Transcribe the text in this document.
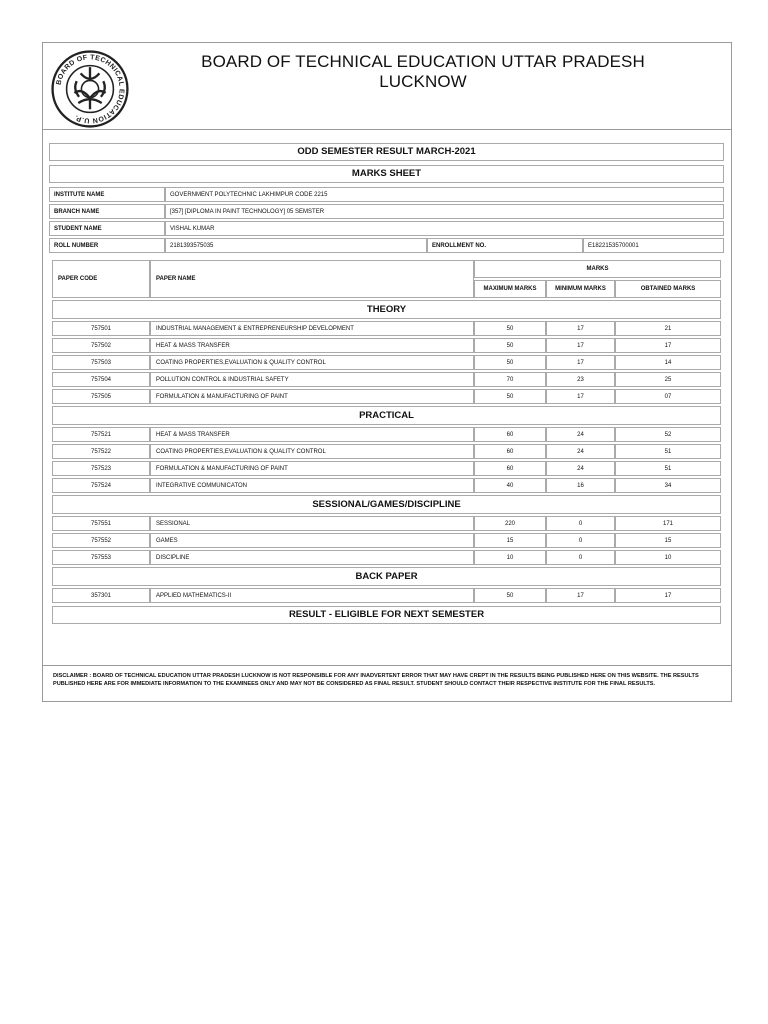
BOARD OF TECHNICAL EDUCATION U.P.
BOARD OF TECHNICAL EDUCATION UTTAR PRADESH
LUCKNOW
ODD SEMESTER RESULT MARCH-2021
MARKS SHEET
INSTITUTE NAME	GOVERNMENT POLYTECHNIC LAKHIMPUR CODE 2215		
BRANCH NAME	[357] [DIPLOMA IN PAINT TECHNOLOGY] 05 SEMSTER		
STUDENT NAME	VISHAL KUMAR		
ROLL NUMBER	2181393575035	ENROLLMENT NO.	E18221535700001
PAPER CODE	PAPER NAME	MARKS		
		MAXIMUM MARKS	MINIMUM MARKS	OBTAINED MARKS
THEORY				
757501	INDUSTRIAL MANAGEMENT & ENTREPRENEURSHIP DEVELOPMENT	50	17	21
757502	HEAT & MASS TRANSFER	50	17	17
757503	COATING PROPERTIES,EVALUATION & QUALITY CONTROL	50	17	14
757504	POLLUTION CONTROL & INDUSTRIAL SAFETY	70	23	25
757505	FORMULATION & MANUFACTURING OF PAINT	50	17	07
PRACTICAL				
757521	HEAT & MASS TRANSFER	60	24	52
757522	COATING PROPERTIES,EVALUATION & QUALITY CONTROL	60	24	51
757523	FORMULATION & MANUFACTURING OF PAINT	60	24	51
757524	INTEGRATIVE COMMUNICATON	40	16	34
SESSIONAL/GAMES/DISCIPLINE				
757551	SESSIONAL	220	0	171
757552	GAMES	15	0	15
757553	DISCIPLINE	10	0	10
BACK PAPER				
357301	APPLIED MATHEMATICS-II	50	17	17
RESULT - ELIGIBLE FOR NEXT SEMESTER
DISCLAIMER : BOARD OF TECHNICAL EDUCATION UTTAR PRADESH LUCKNOW IS NOT RESPONSIBLE FOR ANY INADVERTENT ERROR THAT MAY HAVE CREPT IN THE RESULTS BEING PUBLISHED HERE ON THIS WEBSITE. THE RESULTS PUBLISHED HERE ARE FOR IMMEDIATE INFORMATION TO THE EXAMINEES ONLY AND MAY NOT BE CONSIDERED AS FINAL RESULT. STUDENT SHOULD CONTACT THEIR RESPECTIVE INSTITUTE FOR THE FINAL RESULTS.
